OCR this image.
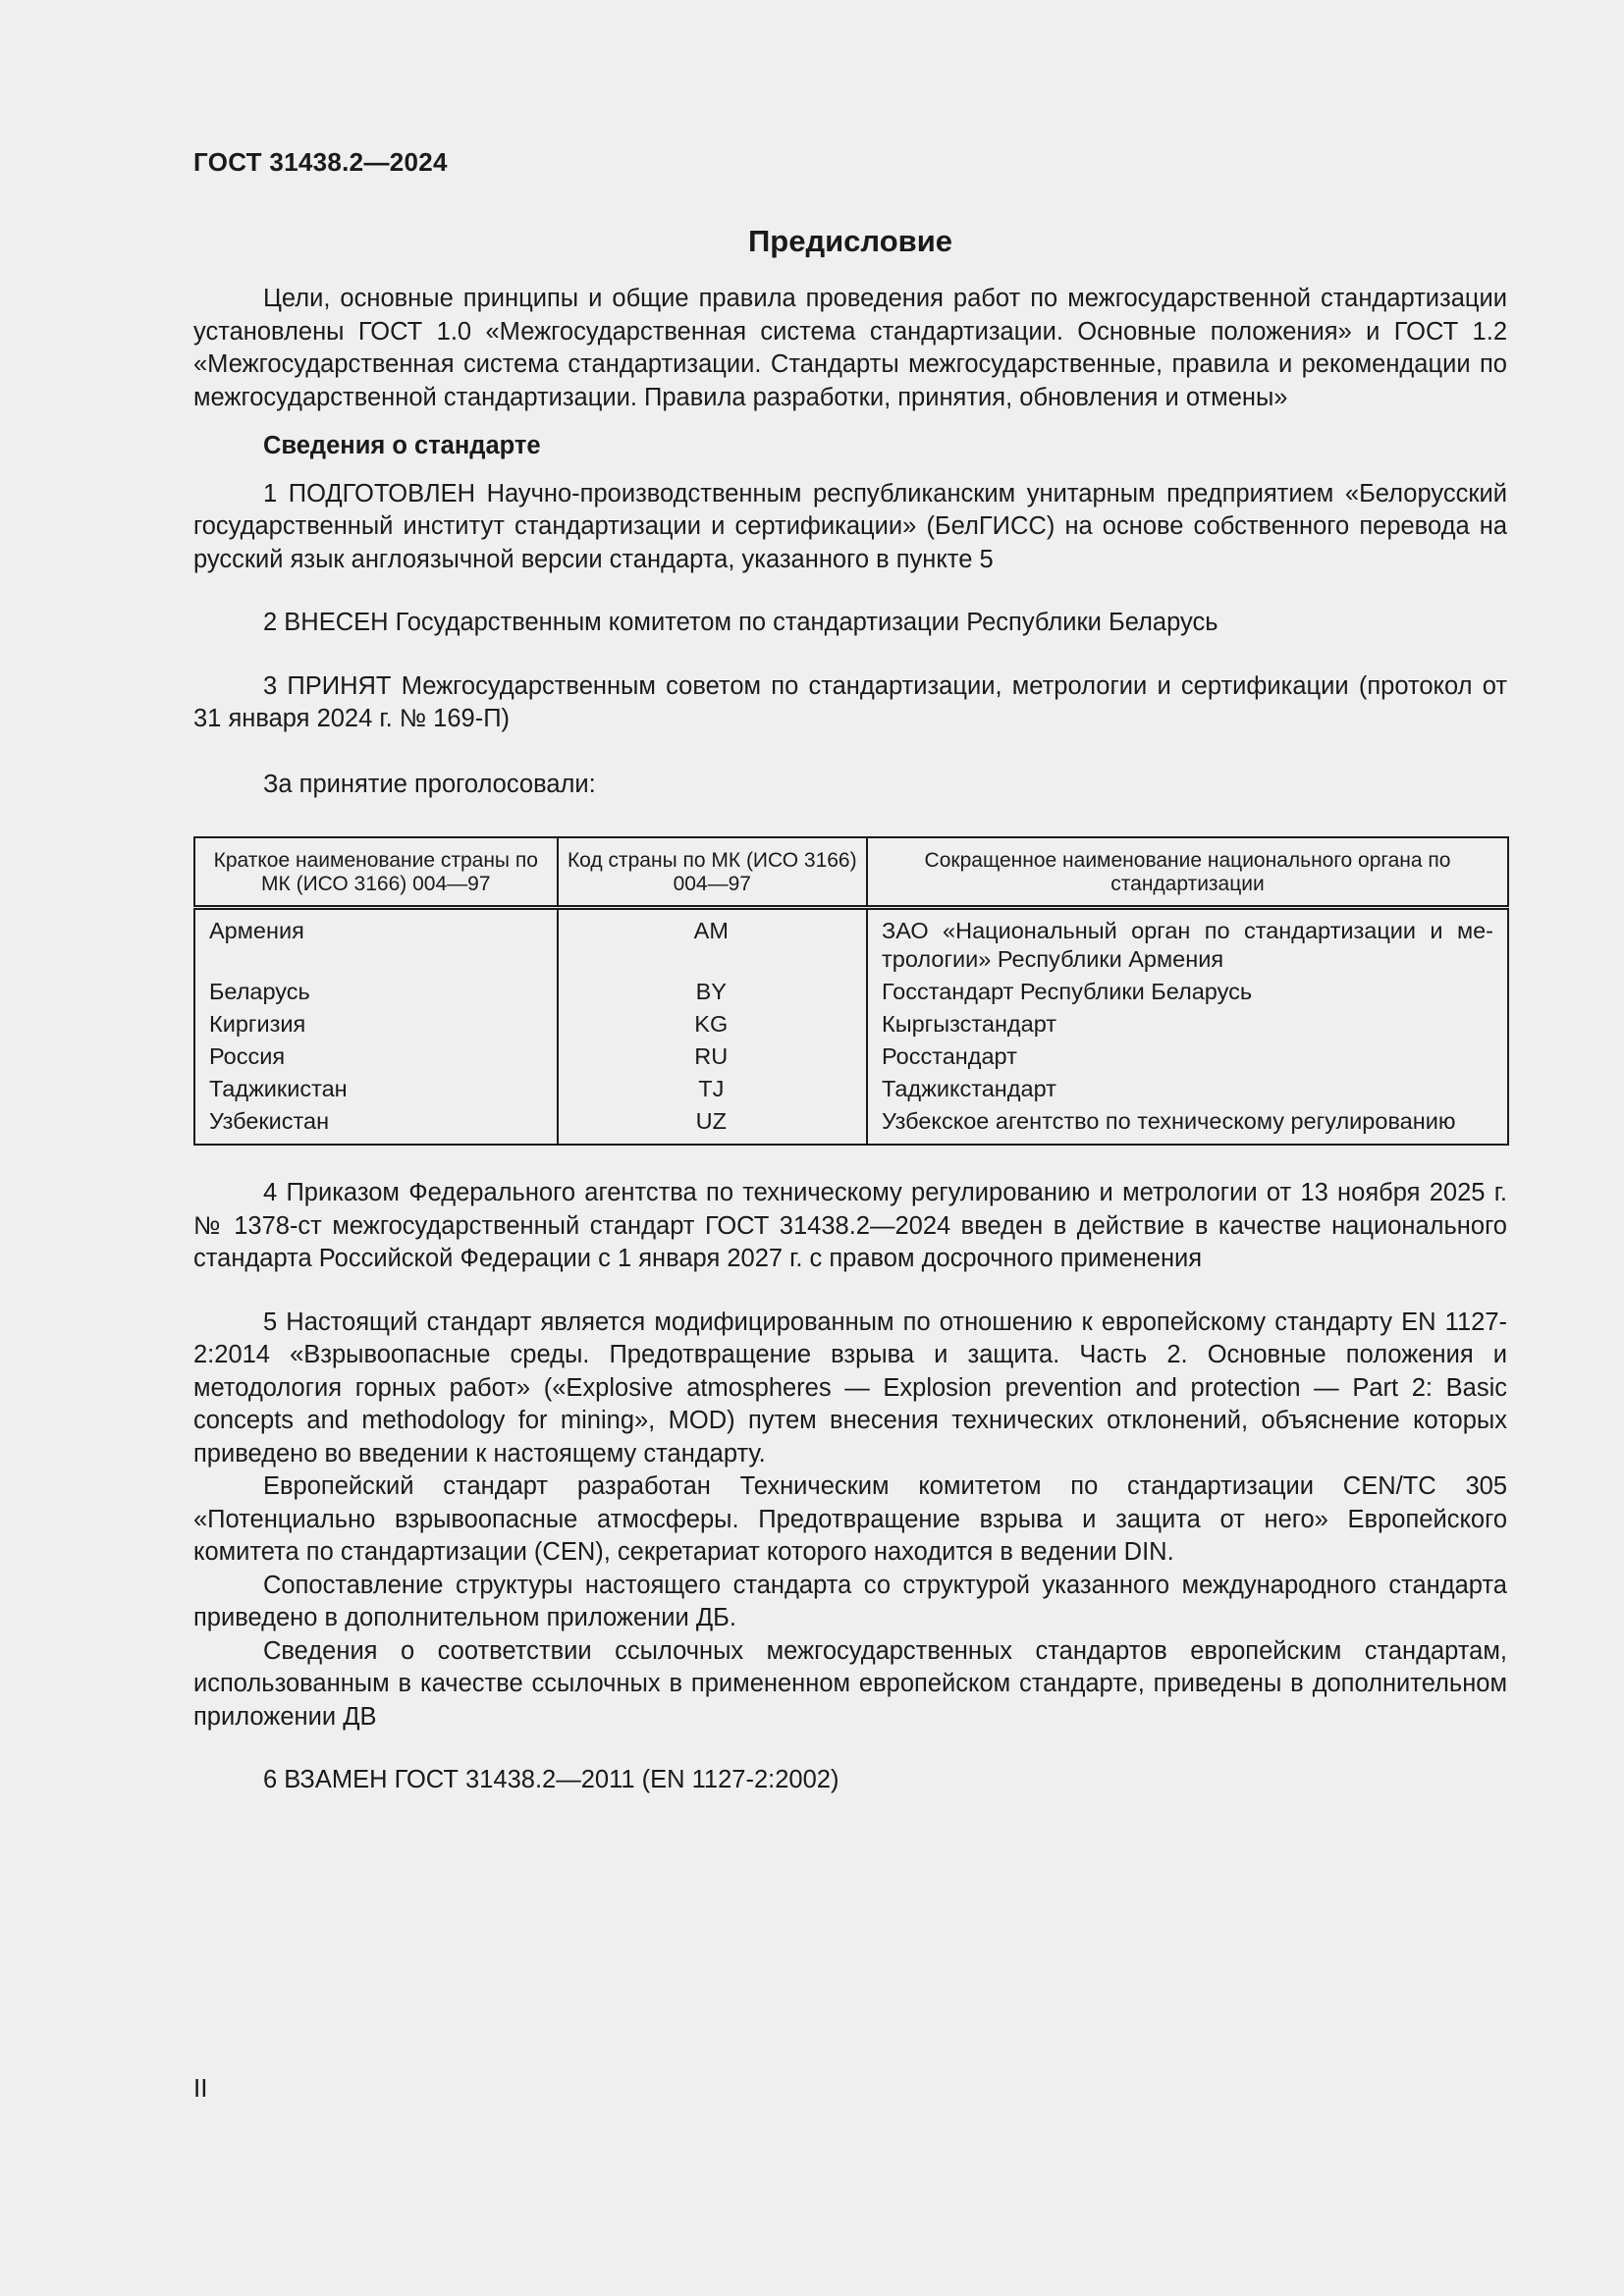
ГОСТ 31438.2—2024
Предисловие

Цели, основные принципы и общие правила проведения работ по межгосударственной стандартизации установлены ГОСТ 1.0 «Межгосударственная система стандартизации. Основные положения» и ГОСТ 1.2 «Межгосударственная система стандартизации. Стандарты межгосударственные, правила и рекомендации по межгосударственной стандартизации. Правила разработки, принятия, обновления и отмены»

Сведения о стандарте

1 ПОДГОТОВЛЕН Научно-производственным республиканским унитарным предприятием «Белорусский государственный институт стандартизации и сертификации» (БелГИСС) на основе собственного перевода на русский язык англоязычной версии стандарта, указанного в пункте 5

2 ВНЕСЕН Государственным комитетом по стандартизации Республики Беларусь

3 ПРИНЯТ Межгосударственным советом по стандартизации, метрологии и сертификации (протокол от 31 января 2024 г. № 169-П)

За принятие проголосовали:

Краткое наименование страны по МК (ИСО 3166) 004—97	Код страны по МК (ИСО 3166) 004—97	Сокращенное наименование национального органа по стандартизации
Армения	AM	ЗАО «Национальный орган по стандартизации и метрологии» Республики Армения
Беларусь	BY	Госстандарт Республики Беларусь
Киргизия	KG	Кыргызстандарт
Россия	RU	Росстандарт
Таджикистан	TJ	Таджикстандарт
Узбекистан	UZ	Узбекское агентство по техническому регулированию

4 Приказом Федерального агентства по техническому регулированию и метрологии от 13 ноября 2025 г. № 1378-ст межгосударственный стандарт ГОСТ 31438.2—2024 введен в действие в качестве национального стандарта Российской Федерации с 1 января 2027 г. с правом досрочного применения

5 Настоящий стандарт является модифицированным по отношению к европейскому стандарту EN 1127-2:2014 «Взрывоопасные среды. Предотвращение взрыва и защита. Часть 2. Основные положения и методология горных работ» («Explosive atmospheres — Explosion prevention and protection — Part 2: Basic concepts and methodology for mining», MOD) путем внесения технических отклонений, объяснение которых приведено во введении к настоящему стандарту.

Европейский стандарт разработан Техническим комитетом по стандартизации CEN/TC 305 «Потенциально взрывоопасные атмосферы. Предотвращение взрыва и защита от него» Европейского комитета по стандартизации (CEN), секретариат которого находится в ведении DIN.

Сопоставление структуры настоящего стандарта со структурой указанного международного стандарта приведено в дополнительном приложении ДБ.

Сведения о соответствии ссылочных межгосударственных стандартов европейским стандартам, использованным в качестве ссылочных в примененном европейском стандарте, приведены в дополнительном приложении ДВ

6 ВЗАМЕН ГОСТ 31438.2—2011 (EN 1127-2:2002)

II
